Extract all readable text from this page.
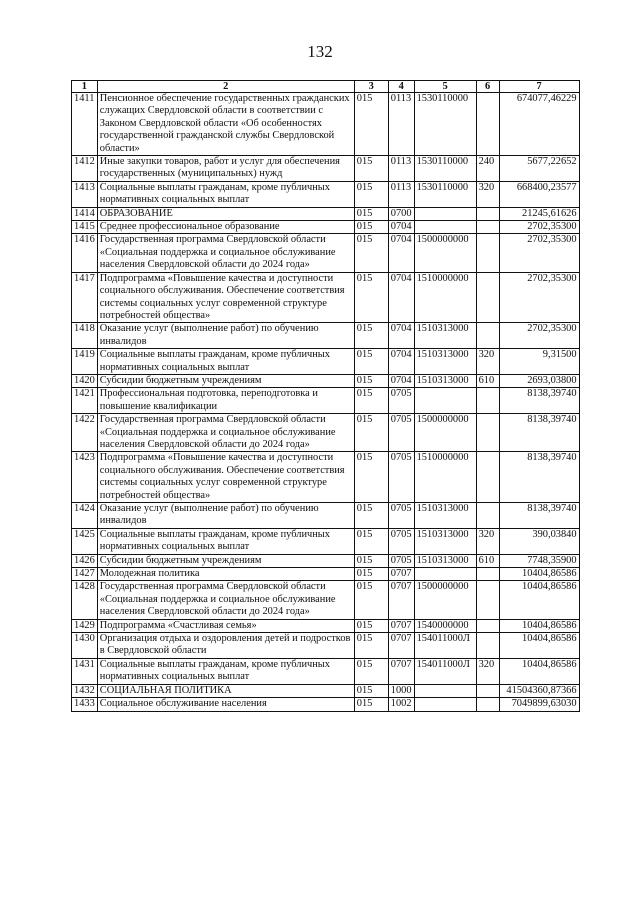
132
1	2	3	4	5	6	7
1411	Пенсионное обеспечение государственных гражданских служащих Свердловской области в соответствии с Законом Свердловской области «Об особенностях государственной гражданской службы Свердловской области»	015	0113	1530110000		674077,46229
1412	Иные закупки товаров, работ и услуг для обеспечения государственных (муниципальных) нужд	015	0113	1530110000	240	5677,22652
1413	Социальные выплаты гражданам, кроме публичных нормативных социальных выплат	015	0113	1530110000	320	668400,23577
1414	ОБРАЗОВАНИЕ	015	0700			21245,61626
1415	Среднее профессиональное образование	015	0704			2702,35300
1416	Государственная программа Свердловской области «Социальная поддержка и социальное обслуживание населения Свердловской области до 2024 года»	015	0704	1500000000		2702,35300
1417	Подпрограмма «Повышение качества и доступности социального обслуживания. Обеспечение соответствия системы социальных услуг современной структуре потребностей общества»	015	0704	1510000000		2702,35300
1418	Оказание услуг (выполнение работ) по обучению инвалидов	015	0704	1510313000		2702,35300
1419	Социальные выплаты гражданам, кроме публичных нормативных социальных выплат	015	0704	1510313000	320	9,31500
1420	Субсидии бюджетным учреждениям	015	0704	1510313000	610	2693,03800
1421	Профессиональная подготовка, переподготовка и повышение квалификации	015	0705			8138,39740
1422	Государственная программа Свердловской области «Социальная поддержка и социальное обслуживание населения Свердловской области до 2024 года»	015	0705	1500000000		8138,39740
1423	Подпрограмма «Повышение качества и доступности социального обслуживания. Обеспечение соответствия системы социальных услуг современной структуре потребностей общества»	015	0705	1510000000		8138,39740
1424	Оказание услуг (выполнение работ) по обучению инвалидов	015	0705	1510313000		8138,39740
1425	Социальные выплаты гражданам, кроме публичных нормативных социальных выплат	015	0705	1510313000	320	390,03840
1426	Субсидии бюджетным учреждениям	015	0705	1510313000	610	7748,35900
1427	Молодежная политика	015	0707			10404,86586
1428	Государственная программа Свердловской области «Социальная поддержка и социальное обслуживание населения Свердловской области до 2024 года»	015	0707	1500000000		10404,86586
1429	Подпрограмма «Счастливая семья»	015	0707	1540000000		10404,86586
1430	Организация отдыха и оздоровления детей и подростков в Свердловской области	015	0707	154011000Л		10404,86586
1431	Социальные выплаты гражданам, кроме публичных нормативных социальных выплат	015	0707	154011000Л	320	10404,86586
1432	СОЦИАЛЬНАЯ ПОЛИТИКА	015	1000			41504360,87366
1433	Социальное обслуживание населения	015	1002			7049899,63030
